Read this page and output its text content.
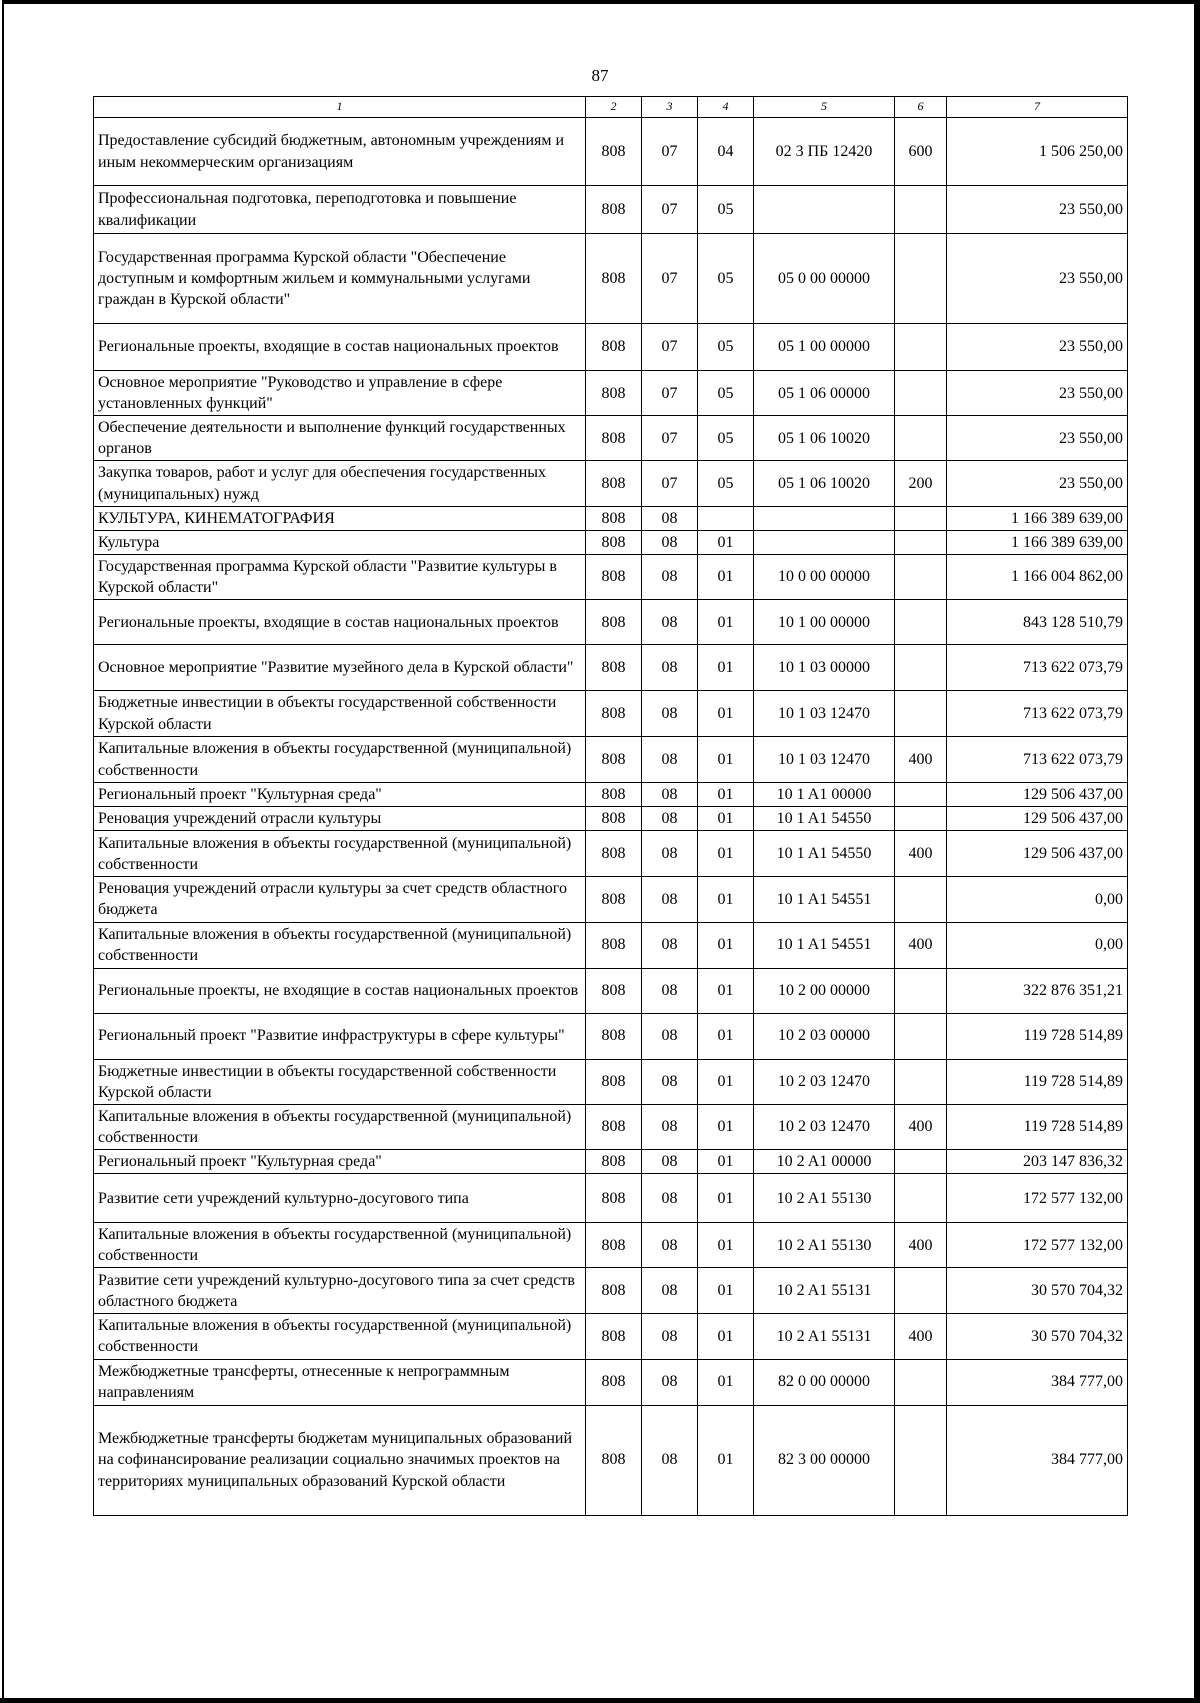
87
1	2	3	4	5	6	7
Предоставление субсидий бюджетным, автономным учреждениям и иным некоммерческим организациям	808	07	04	02 3 ПБ 12420	600	1 506 250,00
Профессиональная подготовка, переподготовка и повышение квалификации	808	07	05			23 550,00
Государственная программа Курской области "Обеспечение доступным и комфортным жильем и коммунальными услугами граждан в Курской области"	808	07	05	05 0 00 00000		23 550,00
Региональные проекты, входящие в состав национальных проектов	808	07	05	05 1 00 00000		23 550,00
Основное мероприятие "Руководство и управление в сфере установленных функций"	808	07	05	05 1 06 00000		23 550,00
Обеспечение деятельности и выполнение функций государственных органов	808	07	05	05 1 06 10020		23 550,00
Закупка товаров, работ и услуг для обеспечения государственных (муниципальных) нужд	808	07	05	05 1 06 10020	200	23 550,00
КУЛЬТУРА, КИНЕМАТОГРАФИЯ	808	08				1 166 389 639,00
Культура	808	08	01			1 166 389 639,00
Государственная программа Курской области "Развитие культуры в Курской области"	808	08	01	10 0 00 00000		1 166 004 862,00
Региональные проекты, входящие в состав национальных проектов	808	08	01	10 1 00 00000		843 128 510,79
Основное мероприятие "Развитие музейного дела в Курской области"	808	08	01	10 1 03 00000		713 622 073,79
Бюджетные инвестиции в объекты государственной собственности Курской области	808	08	01	10 1 03 12470		713 622 073,79
Капитальные вложения в объекты государственной (муниципальной) собственности	808	08	01	10 1 03 12470	400	713 622 073,79
Региональный проект "Культурная среда"	808	08	01	10 1 A1 00000		129 506 437,00
Реновация учреждений отрасли культуры	808	08	01	10 1 A1 54550		129 506 437,00
Капитальные вложения в объекты государственной (муниципальной) собственности	808	08	01	10 1 A1 54550	400	129 506 437,00
Реновация учреждений отрасли культуры за счет средств областного бюджета	808	08	01	10 1 A1 54551		0,00
Капитальные вложения в объекты государственной (муниципальной) собственности	808	08	01	10 1 A1 54551	400	0,00
Региональные проекты, не входящие в состав национальных проектов	808	08	01	10 2 00 00000		322 876 351,21
Региональный проект "Развитие инфраструктуры в сфере культуры"	808	08	01	10 2 03 00000		119 728 514,89
Бюджетные инвестиции в объекты государственной собственности Курской области	808	08	01	10 2 03 12470		119 728 514,89
Капитальные вложения в объекты государственной (муниципальной) собственности	808	08	01	10 2 03 12470	400	119 728 514,89
Региональный проект "Культурная среда"	808	08	01	10 2 A1 00000		203 147 836,32
Развитие сети учреждений культурно-досугового типа	808	08	01	10 2 A1 55130		172 577 132,00
Капитальные вложения в объекты государственной (муниципальной) собственности	808	08	01	10 2 A1 55130	400	172 577 132,00
Развитие сети учреждений культурно-досугового типа за счет средств областного бюджета	808	08	01	10 2 A1 55131		30 570 704,32
Капитальные вложения в объекты государственной (муниципальной) собственности	808	08	01	10 2 A1 55131	400	30 570 704,32
Межбюджетные трансферты, отнесенные к непрограммным направлениям	808	08	01	82 0 00 00000		384 777,00
Межбюджетные трансферты бюджетам муниципальных образований на софинансирование реализации социально значимых проектов на территориях муниципальных образований Курской области	808	08	01	82 3 00 00000		384 777,00
